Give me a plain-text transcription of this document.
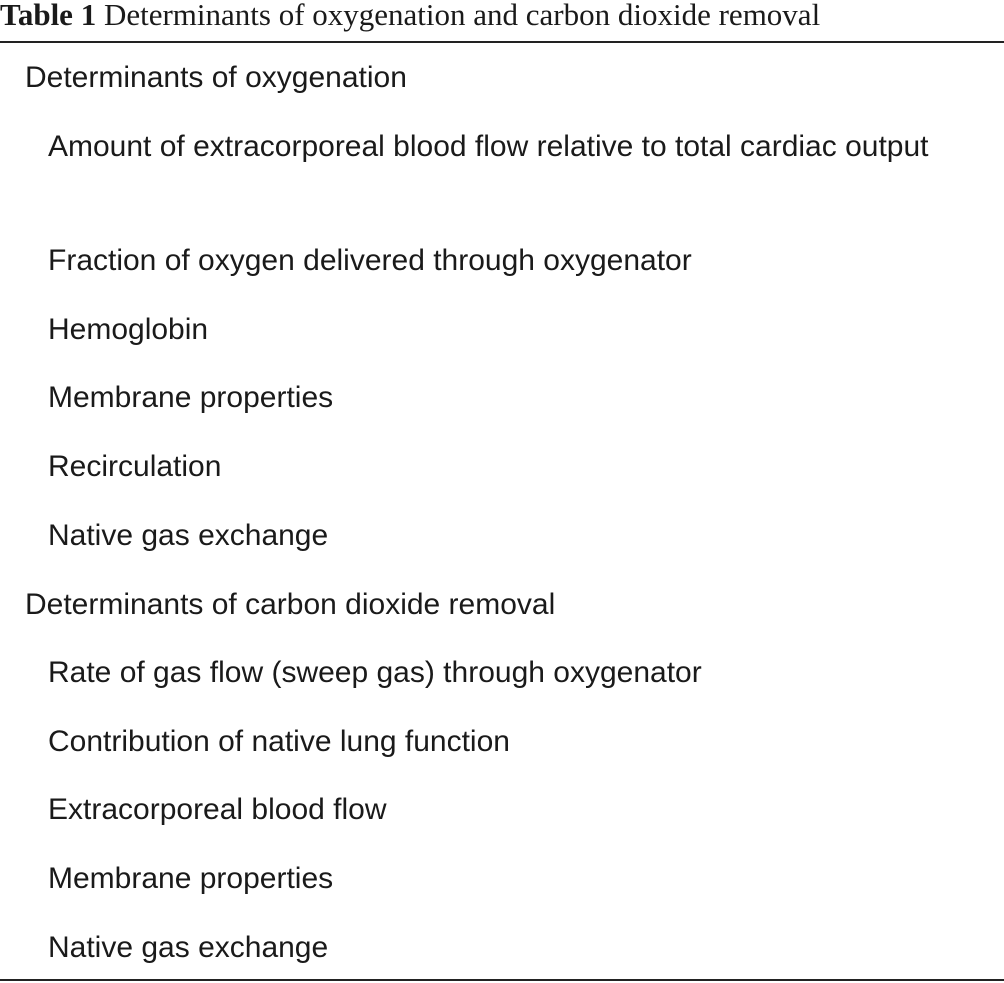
Table 1 Determinants of oxygenation and carbon dioxide removal
Determinants of oxygenation
Amount of extracorporeal blood flow relative to total cardiac output
Fraction of oxygen delivered through oxygenator
Hemoglobin
Membrane properties
Recirculation
Native gas exchange
Determinants of carbon dioxide removal
Rate of gas flow (sweep gas) through oxygenator
Contribution of native lung function
Extracorporeal blood flow
Membrane properties
Native gas exchange
